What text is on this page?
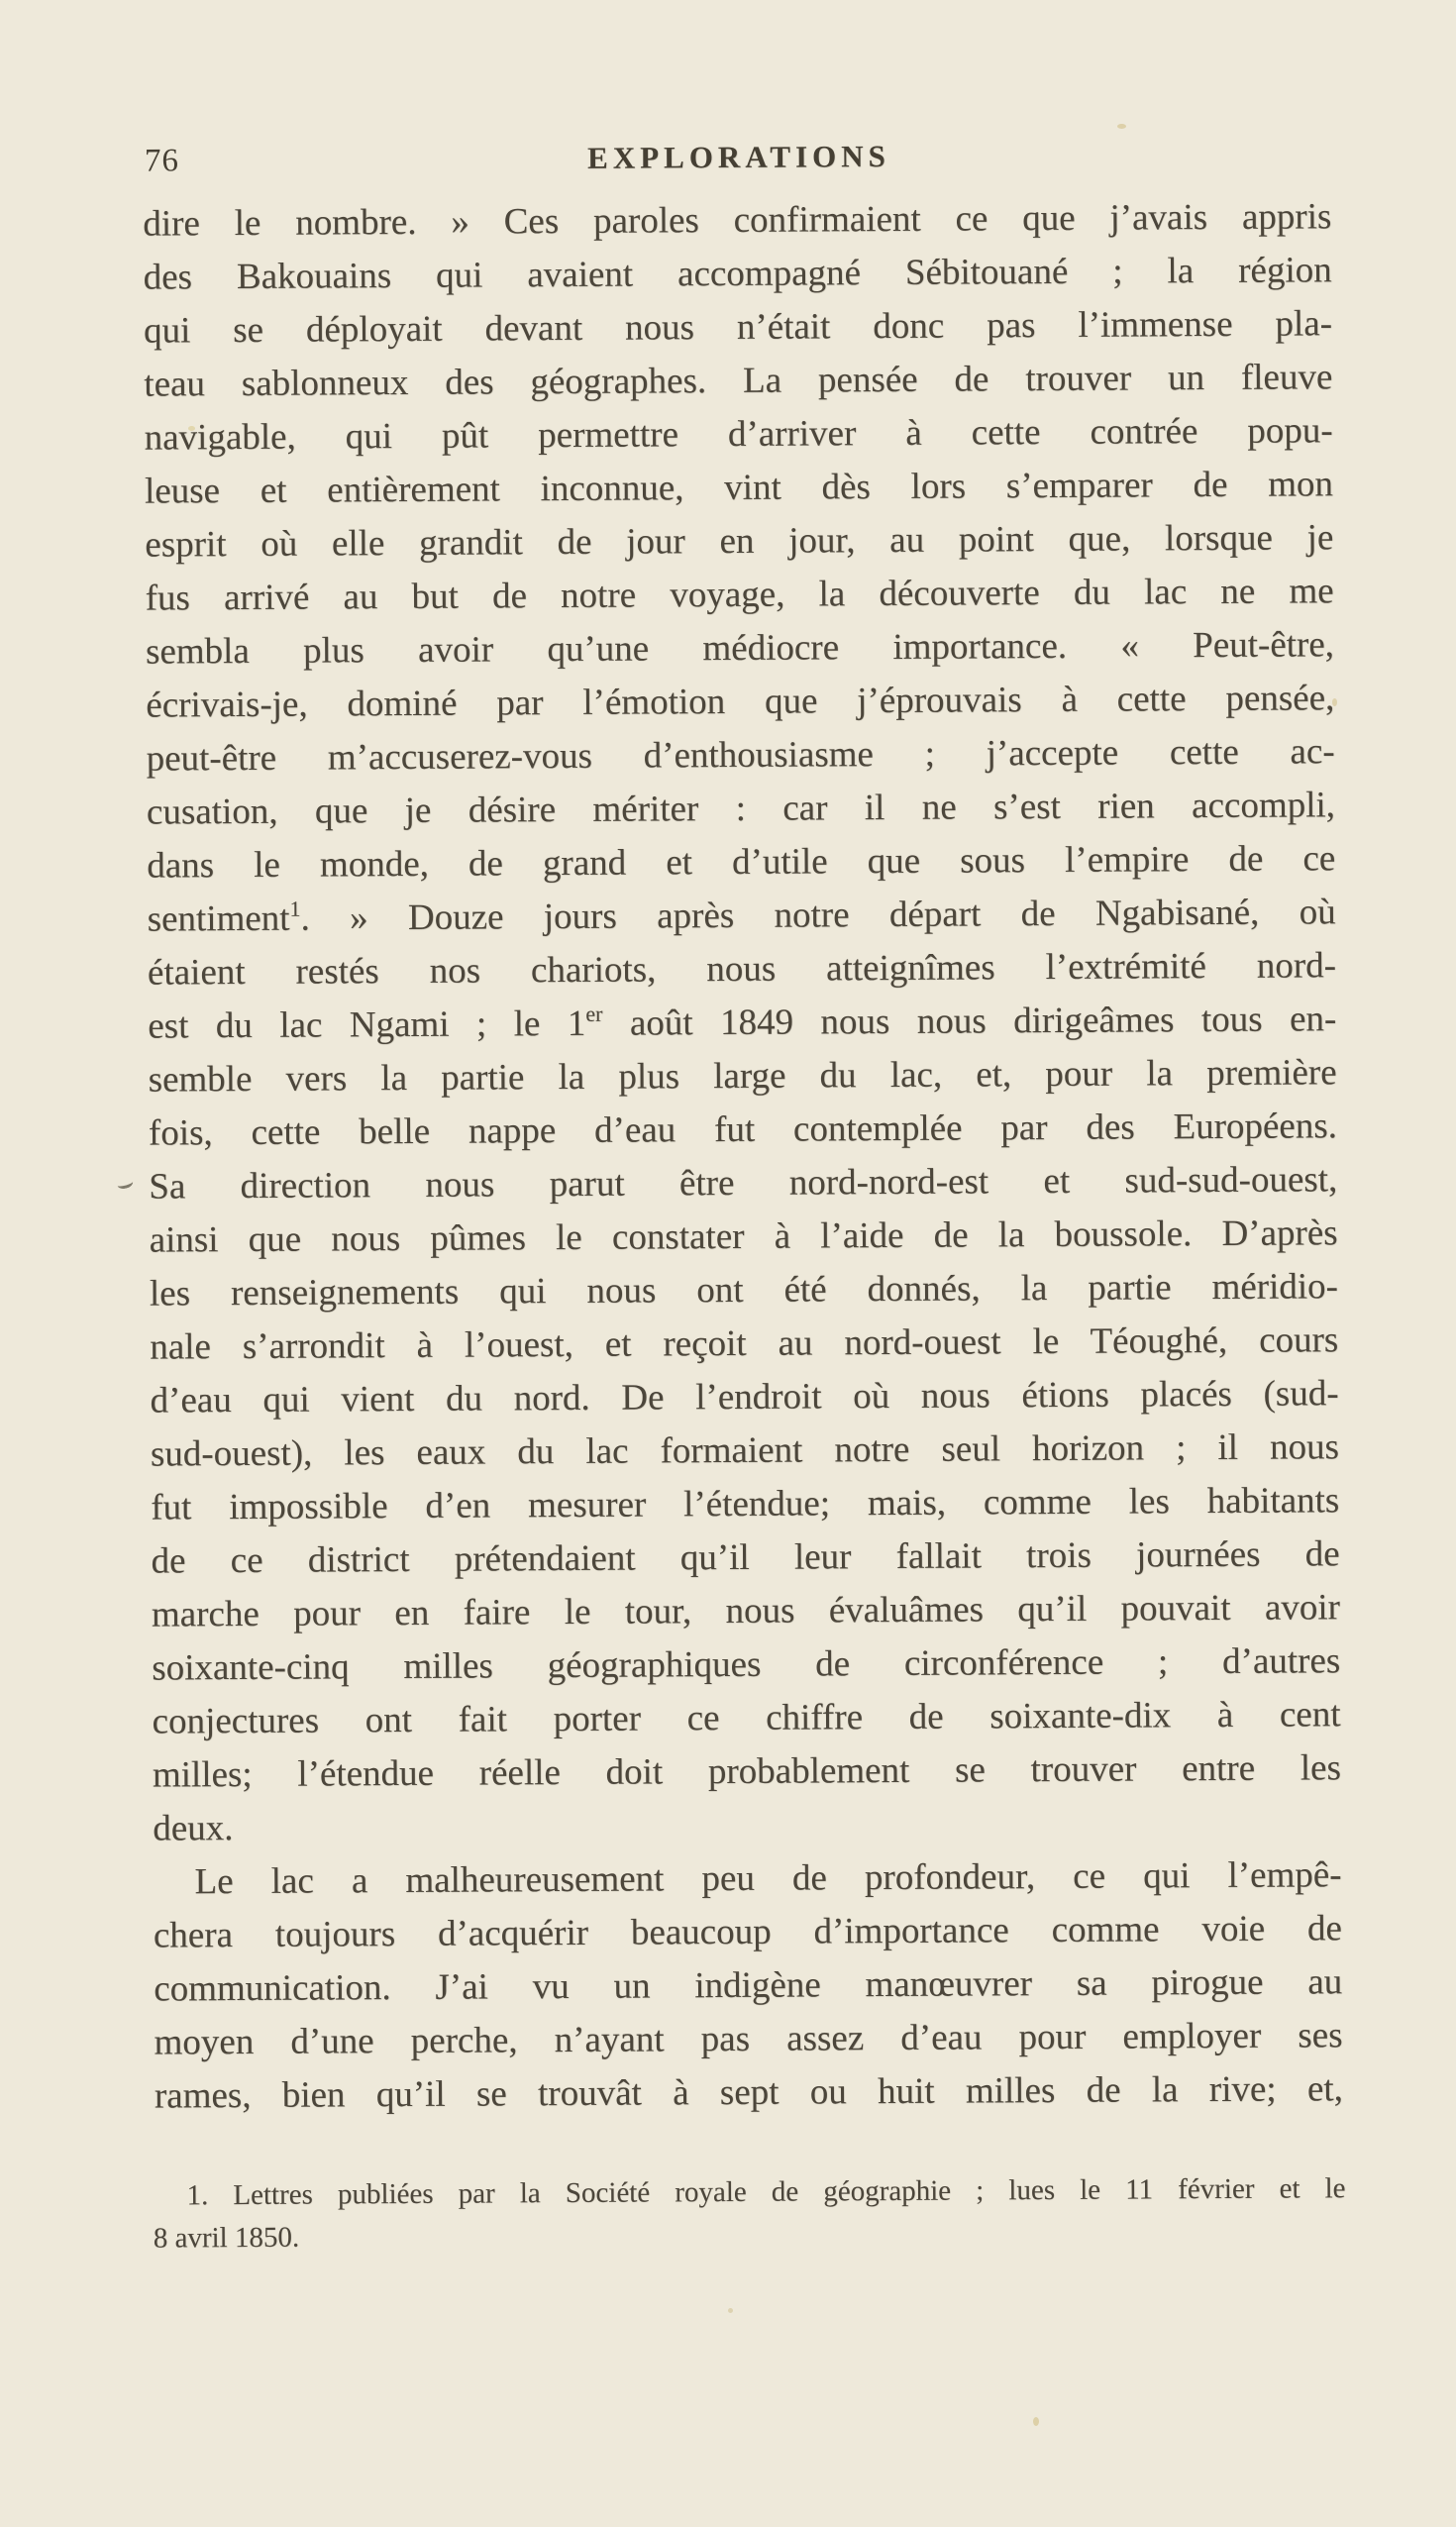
76	EXPLORATIONS
dire le nombre. » Ces paroles confirmaient ce que j’avais appris
des Bakouains qui avaient accompagné Sébitouané ; la région
qui se déployait devant nous n’était donc pas l’immense pla-
teau sablonneux des géographes. La pensée de trouver un fleuve
navigable, qui pût permettre d’arriver à cette contrée popu-
leuse et entièrement inconnue, vint dès lors s’emparer de mon
esprit où elle grandit de jour en jour, au point que, lorsque je
fus arrivé au but de notre voyage, la découverte du lac ne me
sembla plus avoir qu’une médiocre importance. « Peut-être,
écrivais-je, dominé par l’émotion que j’éprouvais à cette pensée,
peut-être m’accuserez-vous d’enthousiasme ; j’accepte cette ac-
cusation, que je désire mériter : car il ne s’est rien accompli,
dans le monde, de grand et d’utile que sous l’empire de ce
sentiment$^1$. » Douze jours après notre départ de Ngabisané, où
étaient restés nos chariots, nous atteignîmes l’extrémité nord-
est du lac Ngami ; le 1er août 1849 nous nous dirigeâmes tous en-
semble vers la partie la plus large du lac, et, pour la première
fois, cette belle nappe d’eau fut contemplée par des Européens.
Sa direction nous parut être nord-nord-est et sud-sud-ouest,
ainsi que nous pûmes le constater à l’aide de la boussole. D’après
les renseignements qui nous ont été donnés, la partie méridio-
nale s’arrondit à l’ouest, et reçoit au nord-ouest le Téoughé, cours
d’eau qui vient du nord. De l’endroit où nous étions placés (sud-
sud-ouest), les eaux du lac formaient notre seul horizon ; il nous
fut impossible d’en mesurer l’étendue; mais, comme les habitants
de ce district prétendaient qu’il leur fallait trois journées de
marche pour en faire le tour, nous évaluâmes qu’il pouvait avoir
soixante-cinq milles géographiques de circonférence ; d’autres
conjectures ont fait porter ce chiffre de soixante-dix à cent
milles; l’étendue réelle doit probablement se trouver entre les
deux.
Le lac a malheureusement peu de profondeur, ce qui l’empê-
chera toujours d’acquérir beaucoup d’importance comme voie de
communication. J’ai vu un indigène manœuvrer sa pirogue au
moyen d’une perche, n’ayant pas assez d’eau pour employer ses
rames, bien qu’il se trouvât à sept ou huit milles de la rive; et,
1. Lettres publiées par la Société royale de géographie ; lues le 11 février et le
8 avril 1850.
